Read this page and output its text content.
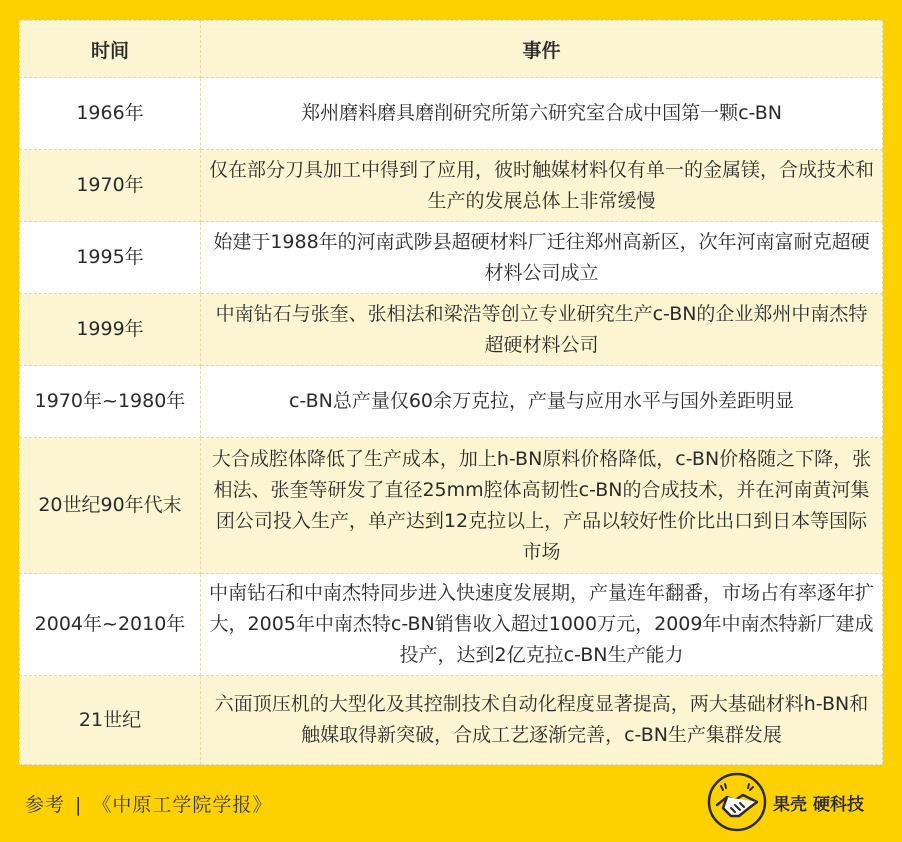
时间	事件
1966年	郑州磨料磨具磨削研究所第六研究室合成中国第一颗c-BN
1970年	仅在部分刀具加工中得到了应用，彼时触媒材料仅有单一的金属镁，合成技术和生产的发展总体上非常缓慢
1995年	始建于1988年的河南武陟县超硬材料厂迁往郑州高新区，次年河南富耐克超硬材料公司成立
1999年	中南钻石与张奎、张相法和梁浩等创立专业研究生产c-BN的企业郑州中南杰特超硬材料公司
1970年~1980年	c-BN总产量仅60余万克拉，产量与应用水平与国外差距明显
20世纪90年代末	大合成腔体降低了生产成本，加上h-BN原料价格降低，c-BN价格随之下降，张相法、张奎等研发了直径25mm腔体高韧性c-BN的合成技术，并在河南黄河集团公司投入生产，单产达到12克拉以上，产品以较好性价比出口到日本等国际市场
2004年~2010年	中南钻石和中南杰特同步进入快速度发展期，产量连年翻番，市场占有率逐年扩大，2005年中南杰特c-BN销售收入超过1000万元，2009年中南杰特新厂建成投产，达到2亿克拉c-BN生产能力
21世纪	六面顶压机的大型化及其控制技术自动化程度显著提高，两大基础材料h-BN和触媒取得新突破，合成工艺逐渐完善，c-BN生产集群发展
参考 | 《中原工学院学报》	果壳 硬科技
